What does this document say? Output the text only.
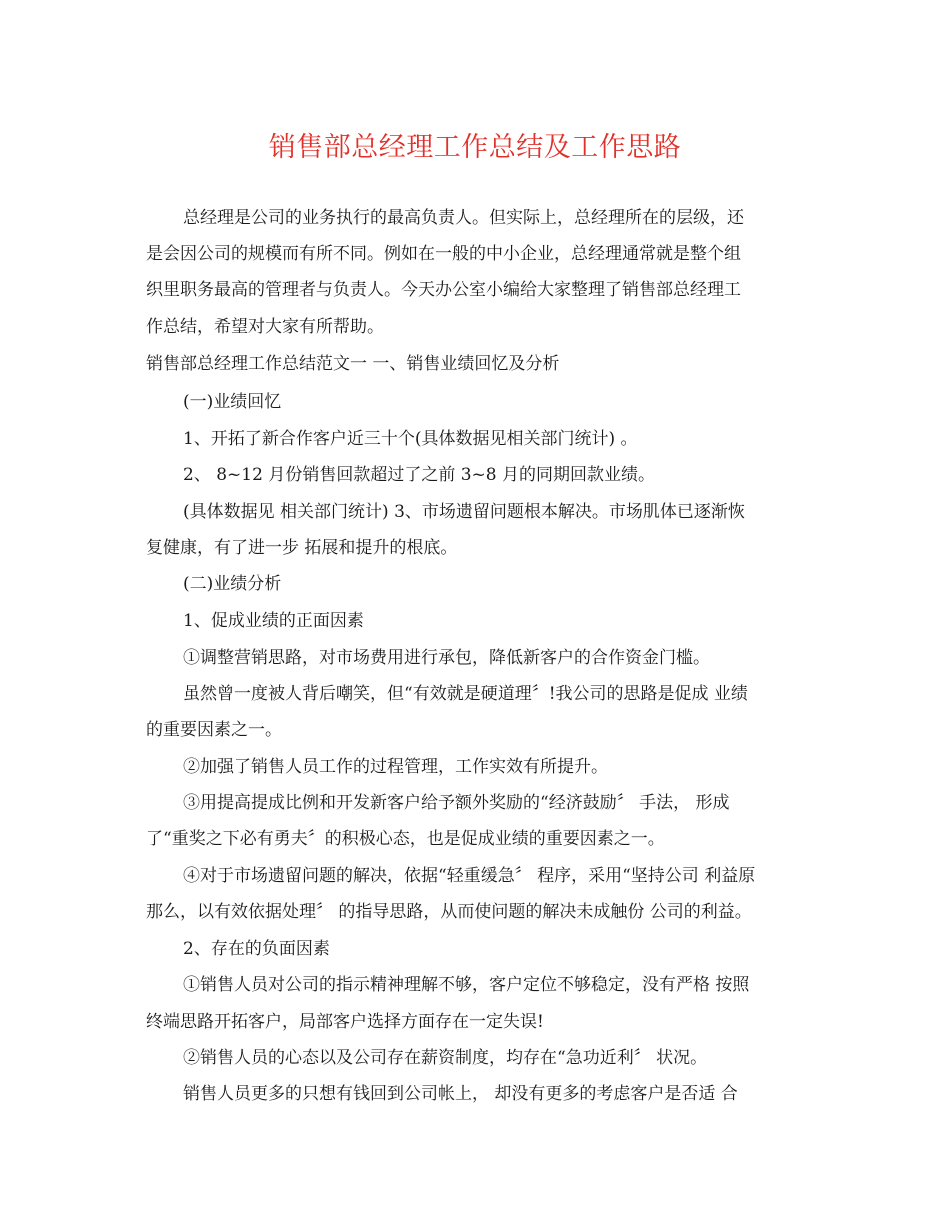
销售部总经理工作总结及工作思路
总经理是公司的业务执行的最高负责人。但实际上，总经理所在的层级，还
是会因公司的规模而有所不同。例如在一般的中小企业，总经理通常就是整个组
织里职务最高的管理者与负责人。今天办公室小编给大家整理了销售部总经理工
作总结，希望对大家有所帮助。
销售部总经理工作总结范文一 一、销售业绩回忆及分析
(一)业绩回忆
1、开拓了新合作客户近三十个(具体数据见相关部门统计) 。
2、 8~12 月份销售回款超过了之前 3~8 月的同期回款业绩。
(具体数据见 相关部门统计) 3、市场遗留问题根本解决。市场肌体已逐渐恢
复健康，有了进一步 拓展和提升的根底。
(二)业绩分析
1、促成业绩的正面因素
①调整营销思路，对市场费用进行承包，降低新客户的合作资金门槛。
虽然曾一度被人背后嘲笑，但“有效就是硬道理〞!我公司的思路是促成 业绩
的重要因素之一。
②加强了销售人员工作的过程管理，工作实效有所提升。
③用提高提成比例和开发新客户给予额外奖励的“经济鼓励〞 手法， 形成
了“重奖之下必有勇夫〞的积极心态，也是促成业绩的重要因素之一。
④对于市场遗留问题的解决，依据“轻重缓急〞 程序，采用“坚持公司 利益原
那么，以有效依据处理〞 的指导思路，从而使问题的解决未成触份 公司的利益。
2、存在的负面因素
①销售人员对公司的指示精神理解不够，客户定位不够稳定，没有严格 按照
终端思路开拓客户，局部客户选择方面存在一定失误!
②销售人员的心态以及公司存在薪资制度，均存在“急功近利〞 状况。
销售人员更多的只想有钱回到公司帐上， 却没有更多的考虑客户是否适 合
